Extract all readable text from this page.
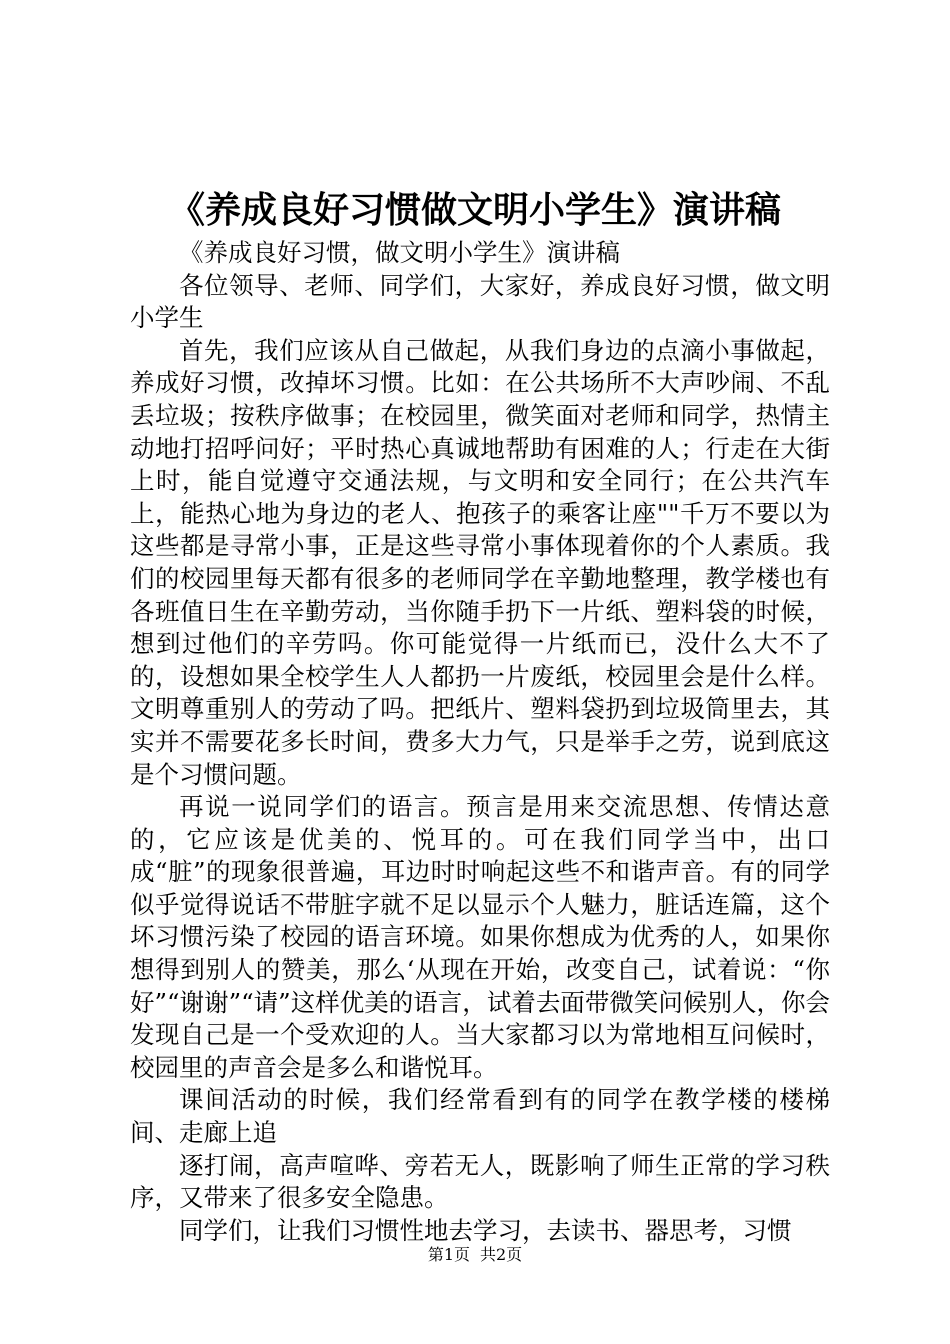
《养成良好习惯做文明小学生》演讲稿

《养成良好习惯，做文明小学生》演讲稿

各位领导、老师、同学们，大家好，养成良好习惯，做文明小学生

首先，我们应该从自己做起，从我们身边的点滴小事做起，养成好习惯，改掉坏习惯。比如：在公共场所不大声吵闹、不乱丢垃圾；按秩序做事；在校园里，微笑面对老师和同学，热情主动地打招呼问好；平时热心真诚地帮助有困难的人；行走在大街上时，能自觉遵守交通法规，与文明和安全同行；在公共汽车上，能热心地为身边的老人、抱孩子的乘客让座""千万不要以为这些都是寻常小事，正是这些寻常小事体现着你的个人素质。我们的校园里每天都有很多的老师同学在辛勤地整理，教学楼也有各班值日生在辛勤劳动，当你随手扔下一片纸、塑料袋的时候，想到过他们的辛劳吗。你可能觉得一片纸而已，没什么大不了的，设想如果全校学生人人都扔一片废纸，校园里会是什么样。文明尊重别人的劳动了吗。把纸片、塑料袋扔到垃圾筒里去，其实并不需要花多长时间，费多大力气，只是举手之劳，说到底这是个习惯问题。

再说一说同学们的语言。预言是用来交流思想、传情达意的，它应该是优美的、悦耳的。可在我们同学当中，出口成“脏”的现象很普遍，耳边时时响起这些不和谐声音。有的同学似乎觉得说话不带脏字就不足以显示个人魅力，脏话连篇，这个坏习惯污染了校园的语言环境。如果你想成为优秀的人，如果你想得到别人的赞美，那么‘从现在开始，改变自己，试着说：“你好”“谢谢”“请”这样优美的语言，试着去面带微笑问候别人，你会发现自己是一个受欢迎的人。当大家都习以为常地相互问候时，校园里的声音会是多么和谐悦耳。

课间活动的时候，我们经常看到有的同学在教学楼的楼梯间、走廊上追

逐打闹，高声喧哗、旁若无人，既影响了师生正常的学习秩序，又带来了很多安全隐患。

同学们，让我们习惯性地去学习，去读书、器思考，习惯

第1页 共2页
